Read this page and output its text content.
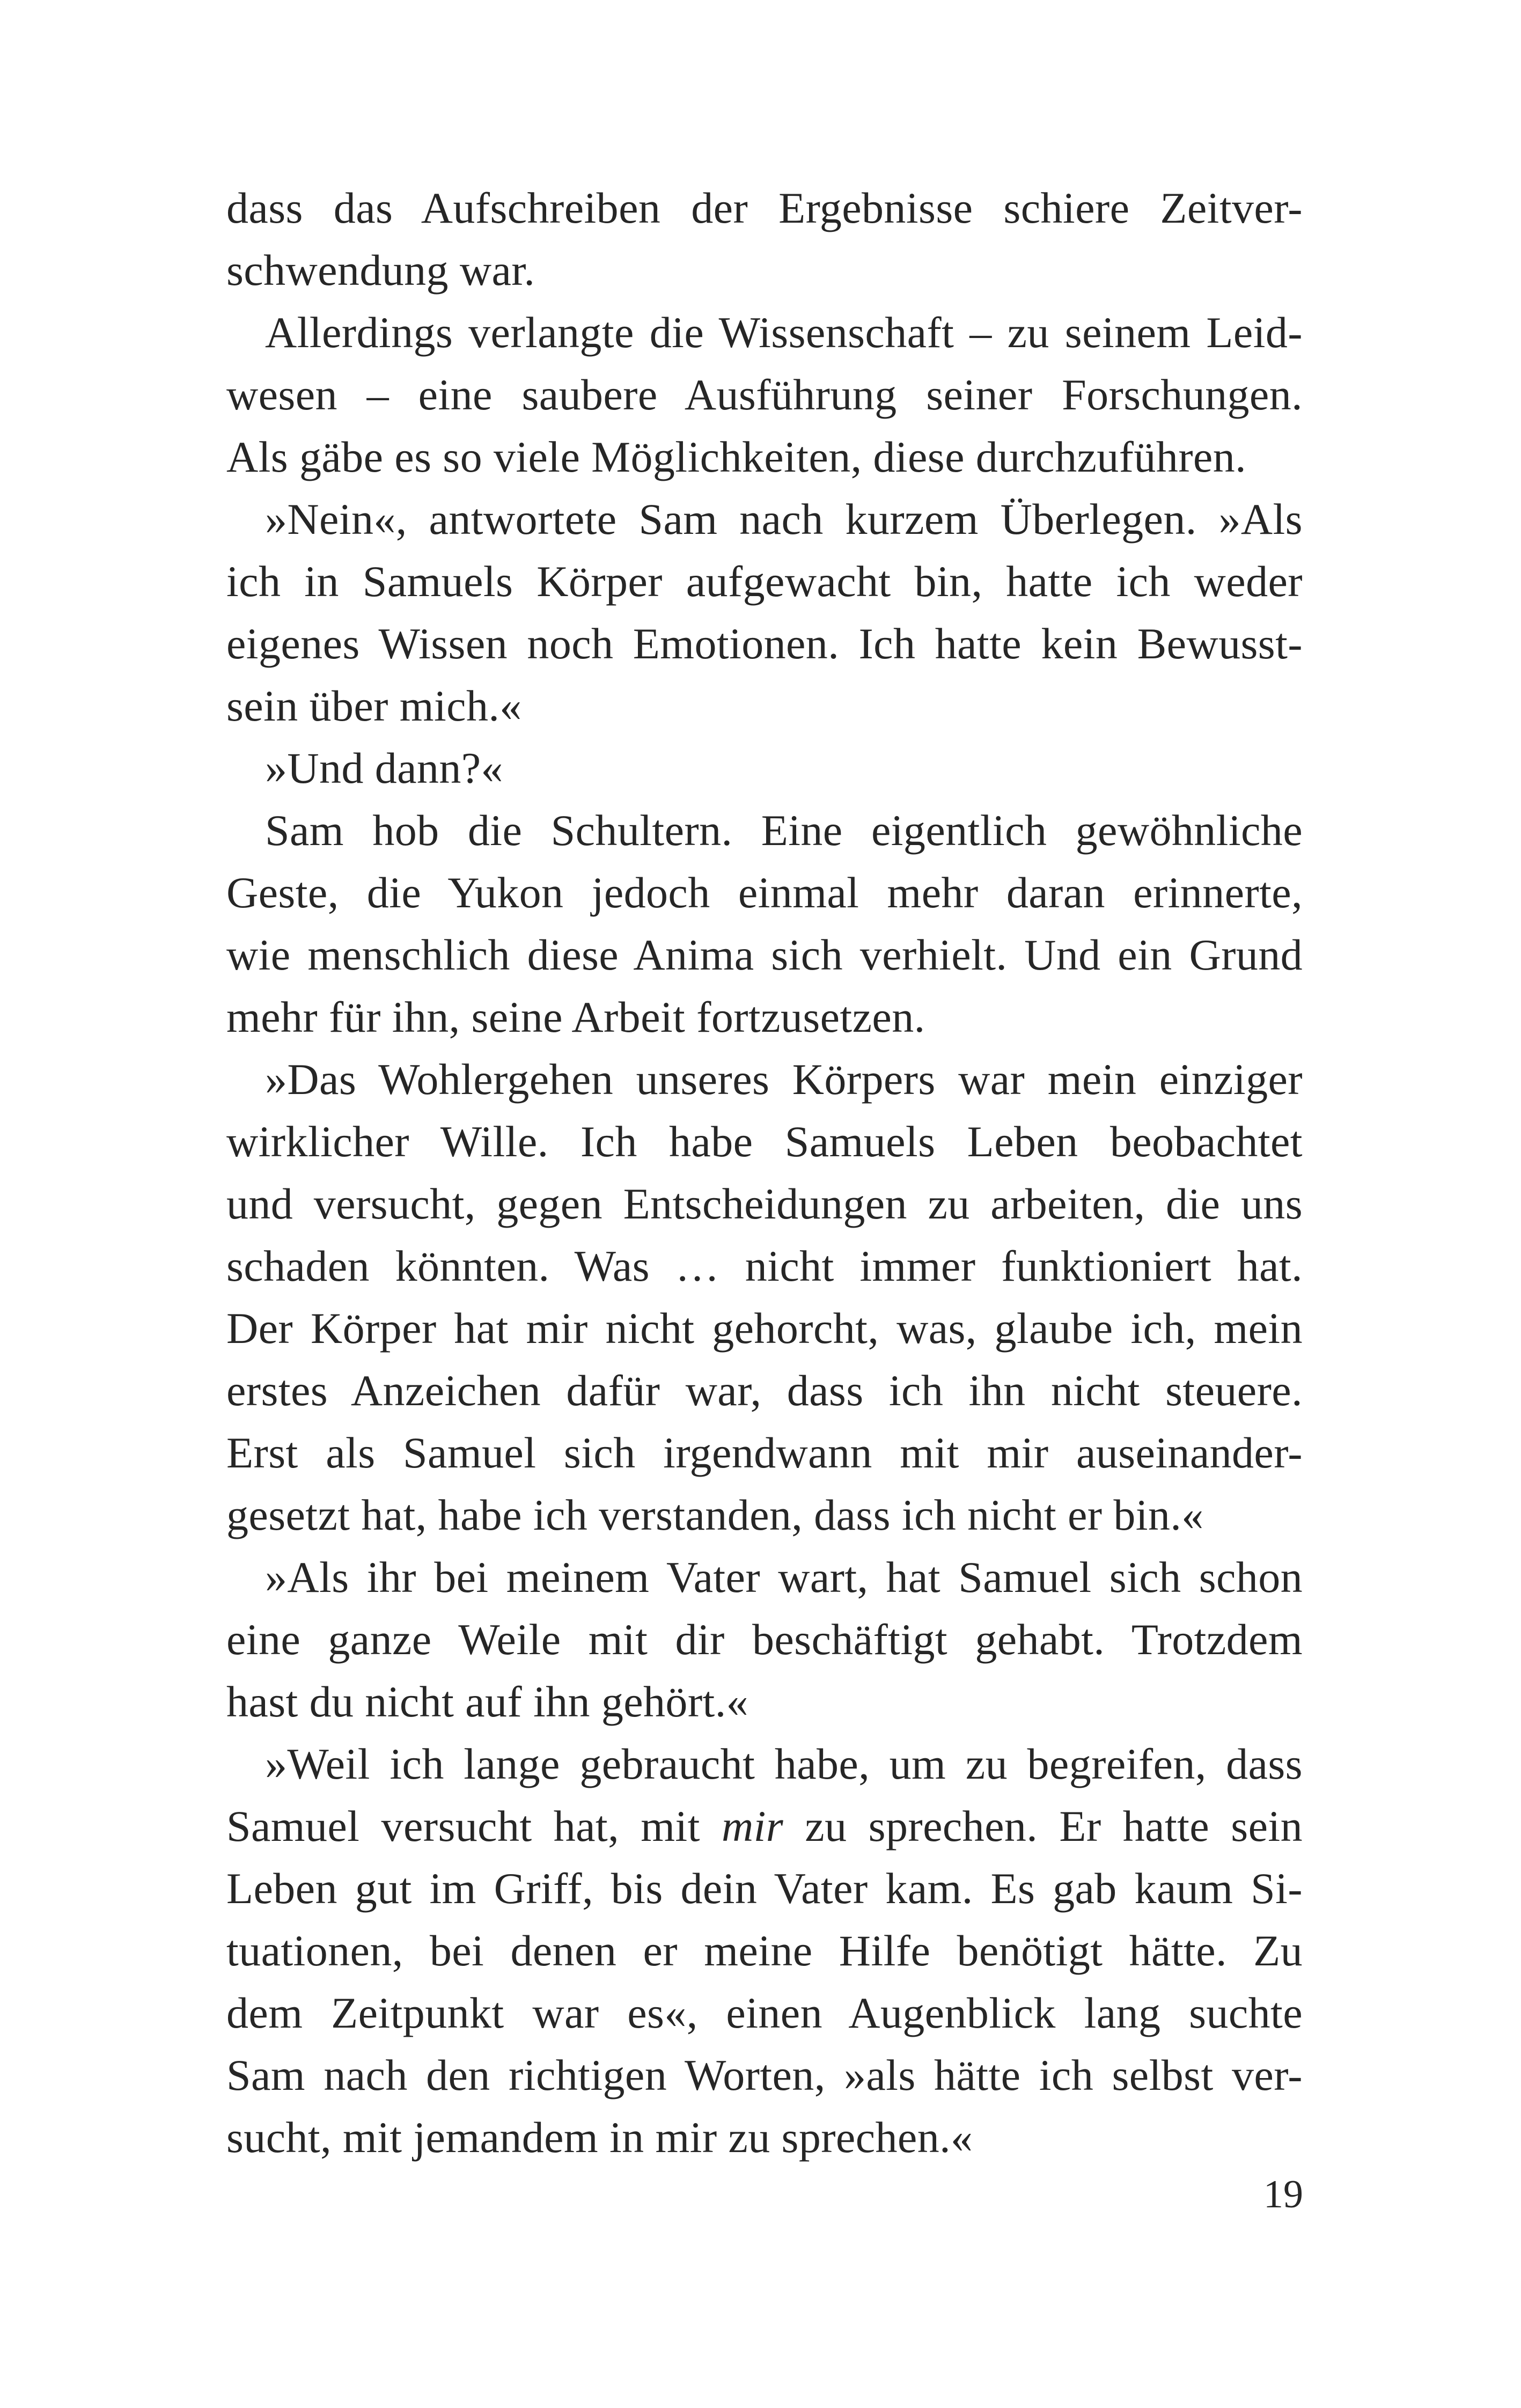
dass das Aufschreiben der Ergebnisse schiere Zeitver-
schwendung war.
Allerdings verlangte die Wissenschaft – zu seinem Leid-
wesen – eine saubere Ausführung seiner Forschungen.
Als gäbe es so viele Möglichkeiten, diese durchzuführen.
»Nein«, antwortete Sam nach kurzem Überlegen. »Als
ich in Samuels Körper aufgewacht bin, hatte ich weder
eigenes Wissen noch Emotionen. Ich hatte kein Bewusst-
sein über mich.«
»Und dann?«
Sam hob die Schultern. Eine eigentlich gewöhnliche
Geste, die Yukon jedoch einmal mehr daran erinnerte,
wie menschlich diese Anima sich verhielt. Und ein Grund
mehr für ihn, seine Arbeit fortzusetzen.
»Das Wohlergehen unseres Körpers war mein einziger
wirklicher Wille. Ich habe Samuels Leben beobachtet
und versucht, gegen Entscheidungen zu arbeiten, die uns
schaden könnten. Was … nicht immer funktioniert hat.
Der Körper hat mir nicht gehorcht, was, glaube ich, mein
erstes Anzeichen dafür war, dass ich ihn nicht steuere.
Erst als Samuel sich irgendwann mit mir auseinander-
gesetzt hat, habe ich verstanden, dass ich nicht er bin.«
»Als ihr bei meinem Vater wart, hat Samuel sich schon
eine ganze Weile mit dir beschäftigt gehabt. Trotzdem
hast du nicht auf ihn gehört.«
»Weil ich lange gebraucht habe, um zu begreifen, dass
Samuel versucht hat, mit mir zu sprechen. Er hatte sein
Leben gut im Griff, bis dein Vater kam. Es gab kaum Si-
tuationen, bei denen er meine Hilfe benötigt hätte. Zu
dem Zeitpunkt war es«, einen Augenblick lang suchte
Sam nach den richtigen Worten, »als hätte ich selbst ver-
sucht, mit jemandem in mir zu sprechen.«
19
